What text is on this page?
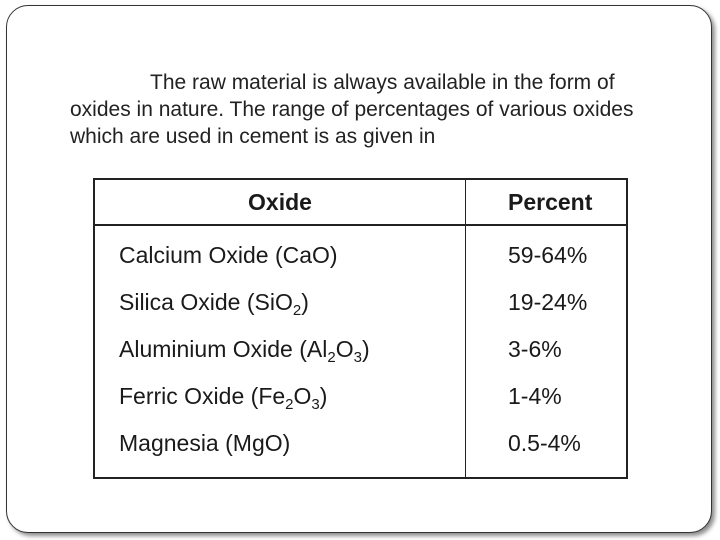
The raw material is always available in the form of
oxides in nature. The range of percentages of various oxides
which are used in cement is as given in
Oxide	Percent
Calcium Oxide (CaO)	59-64%
Silica Oxide (SiO$_2$)	19-24%
Aluminium Oxide $(Al_2O_3)$	3-6%
Ferric Oxide $(Fe_2O_3)$	1-4%
Magnesia (MgO)	0.5-4%
